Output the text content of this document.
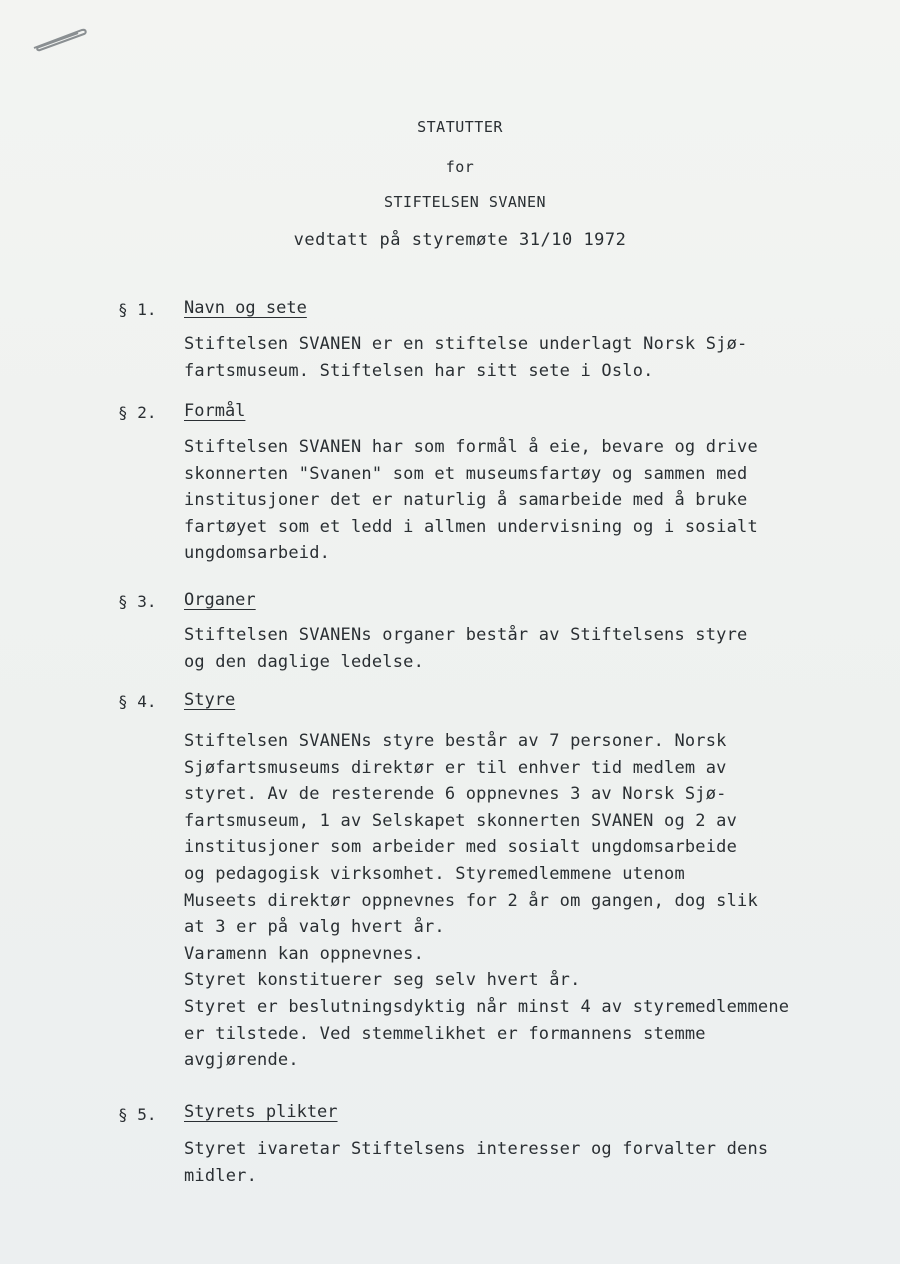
STATUTTER
for
STIFTELSEN SVANEN
vedtatt på styremøte 31/10 1972
§ 1. Navn og sete
Stiftelsen SVANEN er en stiftelse underlagt Norsk Sjø-
fartsmuseum. Stiftelsen har sitt sete i Oslo.
§ 2. Formål
Stiftelsen SVANEN har som formål å eie, bevare og drive
skonnerten "Svanen" som et museumsfartøy og sammen med
institusjoner det er naturlig å samarbeide med å bruke
fartøyet som et ledd i allmen undervisning og i sosialt
ungdomsarbeid.
§ 3. Organer
Stiftelsen SVANENs organer består av Stiftelsens styre
og den daglige ledelse.
§ 4. Styre
Stiftelsen SVANENs styre består av 7 personer. Norsk
Sjøfartsmuseums direktør er til enhver tid medlem av
styret. Av de resterende 6 oppnevnes 3 av Norsk Sjø-
fartsmuseum, 1 av Selskapet skonnerten SVANEN og 2 av
institusjoner som arbeider med sosialt ungdomsarbeide
og pedagogisk virksomhet. Styremedlemmene utenom
Museets direktør oppnevnes for 2 år om gangen, dog slik
at 3 er på valg hvert år.
Varamenn kan oppnevnes.
Styret konstituerer seg selv hvert år.
Styret er beslutningsdyktig når minst 4 av styremedlemmene
er tilstede. Ved stemmelikhet er formannens stemme
avgjørende.
§ 5. Styrets plikter
Styret ivaretar Stiftelsens interesser og forvalter dens
midler.
